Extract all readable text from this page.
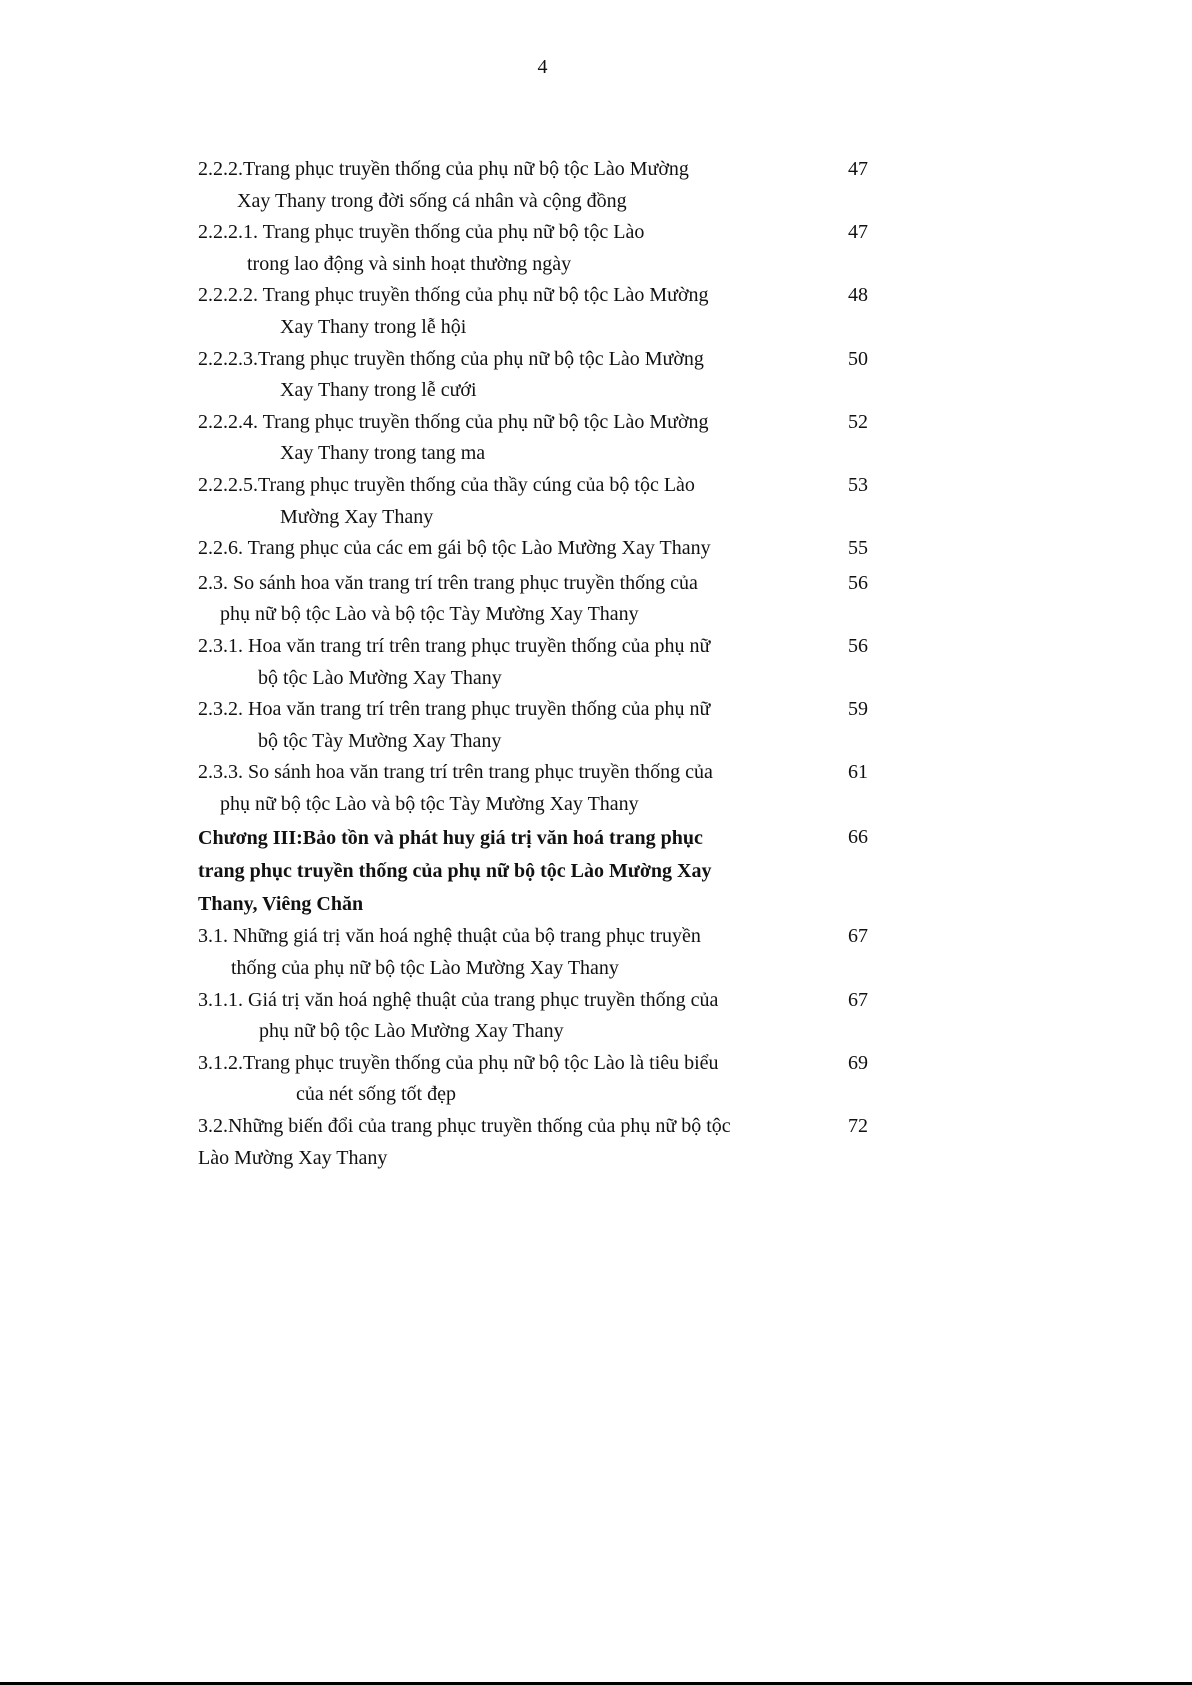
4
2.2.2.Trang phục truyền thống của phụ nữ bộ tộc Lào Mường
Xay Thany trong đời sống cá nhân và cộng đồng
47
2.2.2.1. Trang phục truyền thống của phụ nữ bộ tộc Lào
trong lao động và sinh hoạt thường ngày
47
2.2.2.2. Trang phục truyền thống của phụ nữ bộ tộc Lào Mường
Xay Thany trong lễ hội
48
2.2.2.3.Trang phục truyền thống của phụ nữ bộ tộc Lào Mường
Xay Thany trong lễ cưới
50
2.2.2.4. Trang phục truyền thống của phụ nữ bộ tộc Lào Mường
Xay Thany trong tang ma
52
2.2.2.5.Trang phục truyền thống của thầy cúng của bộ tộc Lào
Mường Xay Thany
53
2.2.6. Trang phục của các em gái bộ tộc Lào Mường Xay Thany	55
2.3. So sánh hoa văn trang trí trên trang phục truyền thống của
phụ nữ bộ tộc Lào và bộ tộc Tày Mường Xay Thany
56
2.3.1. Hoa văn trang trí trên trang phục truyền thống của phụ nữ
bộ tộc Lào Mường Xay Thany
56
2.3.2. Hoa văn trang trí trên trang phục truyền thống của phụ nữ
bộ tộc Tày Mường Xay Thany
59
2.3.3. So sánh hoa văn trang trí trên trang phục truyền thống của
phụ nữ bộ tộc Lào và bộ tộc Tày Mường Xay Thany
61
Chương III:Bảo tồn và phát huy giá trị văn hoá trang phục
trang phục truyền thống của phụ nữ bộ tộc Lào Mường Xay
Thany, Viêng Chăn
66
3.1. Những giá trị văn hoá nghệ thuật của bộ trang phục truyền
thống của phụ nữ bộ tộc Lào Mường Xay Thany
67
3.1.1. Giá trị văn hoá nghệ thuật của trang phục truyền thống của
phụ nữ bộ tộc Lào Mường Xay Thany
67
3.1.2.Trang phục truyền thống của phụ nữ bộ tộc Lào là tiêu biểu
của nét sống tốt đẹp
69
3.2.Những biến đổi của trang phục truyền thống của phụ nữ bộ tộc
Lào Mường Xay Thany
72
